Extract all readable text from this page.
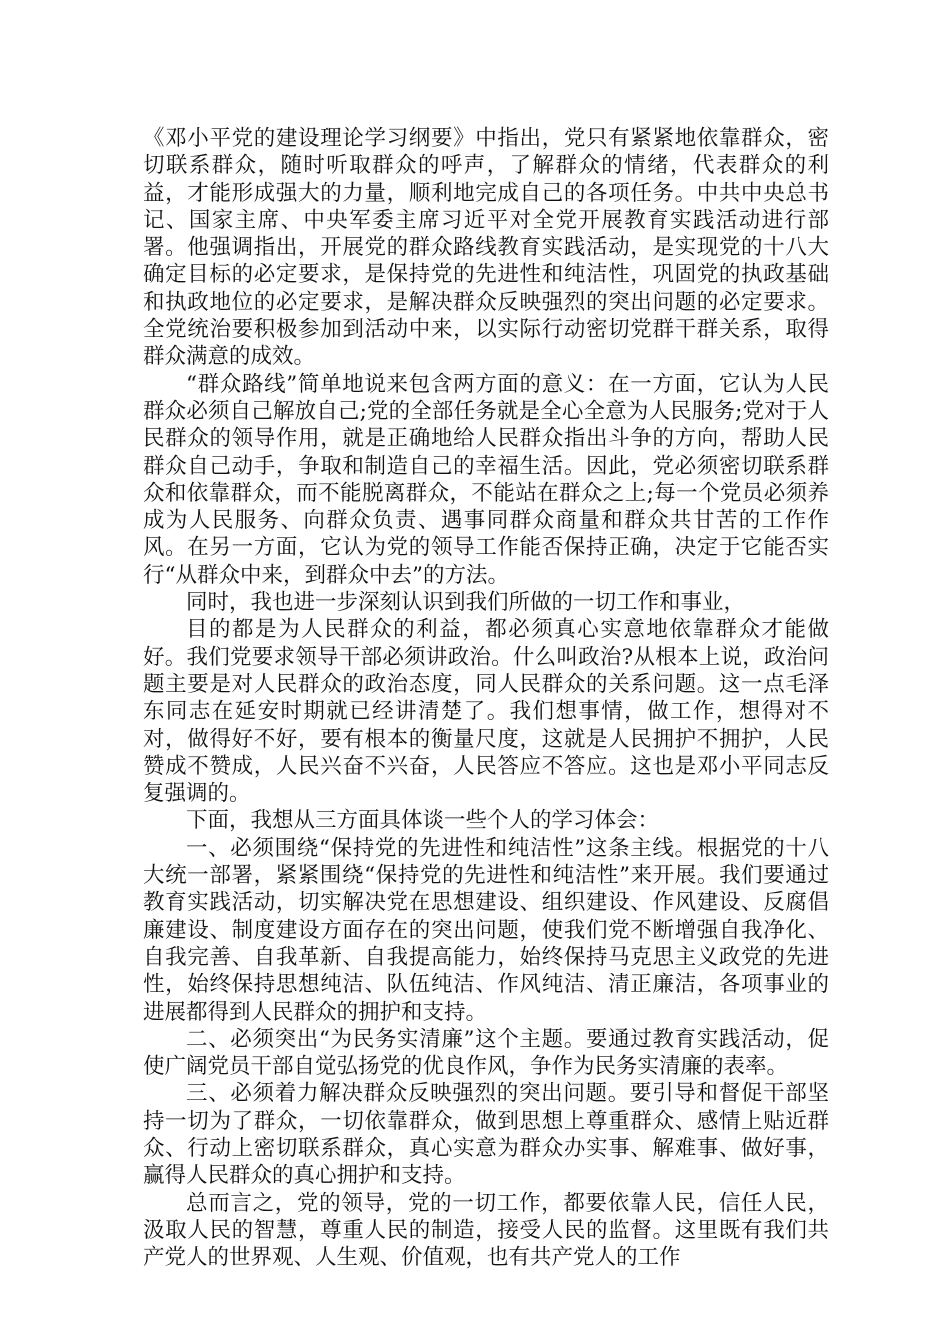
《邓小平党的建设理论学习纲要》中指出，党只有紧紧地依靠群众，密切联系群众，随时听取群众的呼声，了解群众的情绪，代表群众的利益，才能形成强大的力量，顺利地完成自己的各项任务。中共中央总书记、国家主席、中央军委主席习近平对全党开展教育实践活动进行部署。他强调指出，开展党的群众路线教育实践活动，是实现党的十八大确定目标的必定要求，是保持党的先进性和纯洁性，巩固党的执政基础和执政地位的必定要求，是解决群众反映强烈的突出问题的必定要求。全党统治要积极参加到活动中来，以实际行动密切党群干群关系，取得群众满意的成效。

“群众路线”简单地说来包含两方面的意义：在一方面，它认为人民群众必须自己解放自己;党的全部任务就是全心全意为人民服务;党对于人民群众的领导作用，就是正确地给人民群众指出斗争的方向，帮助人民群众自己动手，争取和制造自己的幸福生活。因此，党必须密切联系群众和依靠群众，而不能脱离群众，不能站在群众之上;每一个党员必须养成为人民服务、向群众负责、遇事同群众商量和群众共甘苦的工作作风。在另一方面，它认为党的领导工作能否保持正确，决定于它能否实行“从群众中来，到群众中去”的方法。

同时，我也进一步深刻认识到我们所做的一切工作和事业，

目的都是为人民群众的利益，都必须真心实意地依靠群众才能做好。我们党要求领导干部必须讲政治。什么叫政治?从根本上说，政治问题主要是对人民群众的政治态度，同人民群众的关系问题。这一点毛泽东同志在延安时期就已经讲清楚了。我们想事情，做工作，想得对不对，做得好不好，要有根本的衡量尺度，这就是人民拥护不拥护，人民赞成不赞成，人民兴奋不兴奋，人民答应不答应。这也是邓小平同志反复强调的。

下面，我想从三方面具体谈一些个人的学习体会：

一、必须围绕“保持党的先进性和纯洁性”这条主线。根据党的十八大统一部署，紧紧围绕“保持党的先进性和纯洁性”来开展。我们要通过教育实践活动，切实解决党在思想建设、组织建设、作风建设、反腐倡廉建设、制度建设方面存在的突出问题，使我们党不断增强自我净化、自我完善、自我革新、自我提高能力，始终保持马克思主义政党的先进性，始终保持思想纯洁、队伍纯洁、作风纯洁、清正廉洁，各项事业的进展都得到人民群众的拥护和支持。

二、必须突出“为民务实清廉”这个主题。要通过教育实践活动，促使广阔党员干部自觉弘扬党的优良作风，争作为民务实清廉的表率。

三、必须着力解决群众反映强烈的突出问题。要引导和督促干部坚持一切为了群众，一切依靠群众，做到思想上尊重群众、感情上贴近群众、行动上密切联系群众，真心实意为群众办实事、解难事、做好事，赢得人民群众的真心拥护和支持。

总而言之，党的领导，党的一切工作，都要依靠人民，信任人民，汲取人民的智慧，尊重人民的制造，接受人民的监督。这里既有我们共产党人的世界观、人生观、价值观，也有共产党人的工作
